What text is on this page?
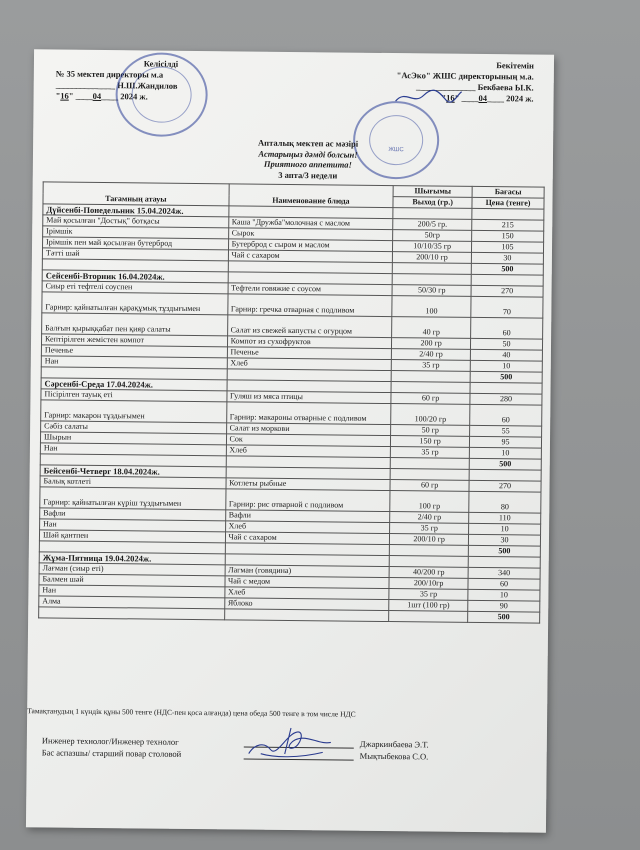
Келісілді
№ 35 мектеп директоры м.а
______________ Н.Ш.Жандилов
"16" ____04____ 2024 ж.
Бекітемін
"АсЭко" ЖШС директорының м.а.
______________ Бекбаева Ы.К.
"16" ____04____ 2024 ж.
ЖШС
Апталық мектеп ас мәзірі
Астарыңыз дәмді болсын!
Приятного аппетита!
3 апта/3 недели
Тағамның атауы	Наименование блюда	Шығымы	Бағасы
		Выход (гр.)	Цена (тенге)
Дүйсенбі-Понедельник 15.04.2024ж.			
Май қосылған "Достық" ботқасы	Каша "Дружба"молочная с маслом	200/5 гр.	215
Ірімшік	Сырок	50гр	150
Ірімшік пен май қосылған бутерброд	Бутерброд с сыром и маслом	10/10/35 гр	105
Тәтті шәй	Чай с сахаром	200/10 гр	30
			500
Сейсенбі-Вторник 16.04.2024ж.			
Сиыр еті тефтелі соуспен	Тефтели говяжие с соусом	50/30 гр	270
Гарнир: қайнатылған қарақұмық тұздығымен	Гарнир: гречка отварная с подливом	100	70
Балғын қырыққабат пен қияр салаты	Салат из свежей капусты с огурцом	40 гр	60
Кептірілген жемістен компот	Компот из сухофруктов	200 гр	50
Печенье	Печенье	2/40 гр	40
Нан	Хлеб	35 гр	10
			500
Сәрсенбі-Среда 17.04.2024ж.			
Пісірілген тауық еті	Гуляш из мяса птицы	60 гр	280
Гарнир: макарон тұздығымен	Гарнир: макароны отварные с подливом	100/20 гр	60
Сәбіз салаты	Салат из моркови	50 гр	55
Шырын	Сок	150 гр	95
Нан	Хлеб	35 гр	10
			500
Бейсенбі-Четверг 18.04.2024ж.			
Балық котлеті	Котлеты рыбные	60 гр	270
Гарнир: қайнатылған күріш тұздығымен	Гарнир: рис отварной с подливом	100 гр	80
Вафли	Вафли	2/40 гр	110
Нан	Хлеб	35 гр	10
Шәй қантпен	Чай с сахаром	200/10 гр	30
			500
Жұма-Пятница 19.04.2024ж.			
Лағман (сиыр еті)	Лагман (говядина)	40/200 гр	340
Балмен шәй	Чай с медом	200/10гр	60
Нан	Хлеб	35 гр	10
Алма	Яблоко	1шт (100 гр)	90
			500
Тамақтанудың 1 күндік құны 500 тенге (НДС-пен қоса алғанда) цена обеда 500 тенге в том числе НДС
Инженер технолог/Инженер технолог	Джаркинбаева Э.Т.
Бас аспазшы/ старший повар столовой	Мықтыбекова С.О.
